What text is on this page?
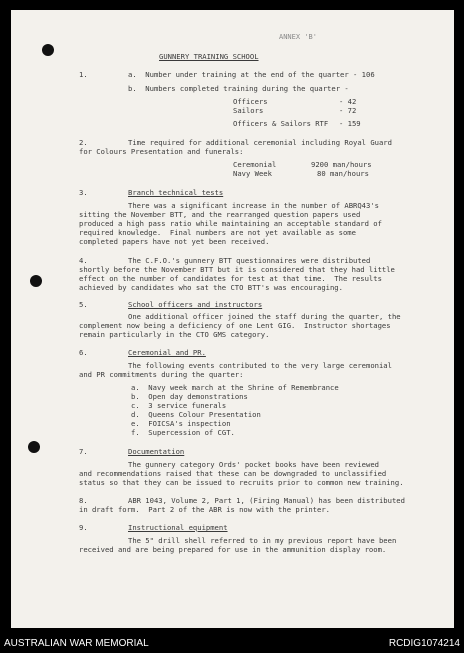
ANNEX 'B'
GUNNERY TRAINING SCHOOL
1.	a.  Number under training at the end of the quarter - 106
b.  Numbers completed training during the quarter -
Officers	- 42
Sailors	- 72
Officers & Sailors RTF - 159
2.	Time required for additional ceremonial including Royal Guard
for Colours Presentation and funerals:
Ceremonial	9200 man/hours
Navy Week	80 man/hours
3.	Branch technical tests
There was a significant increase in the number of ABRQ43's
sitting the November BTT, and the rearranged question papers used
produced a high pass ratio while maintaining an acceptable standard of
required knowledge.  Final numbers are not yet available as some
completed papers have not yet been received.
4.	The C.F.O.'s gunnery BTT questionnaires were distributed
shortly before the November BTT but it is considered that they had little
effect on the number of candidates for test at that time.  The results
achieved by candidates who sat the CTO BTT's was encouraging.
5.	School officers and instructors
One additional officer joined the staff during the quarter, the
complement now being a deficiency of one Lent GIG.  Instructor shortages
remain particularly in the CTO GMS category.
6.	Ceremonial and PR.
The following events contributed to the very large ceremonial
and PR commitments during the quarter:
a.  Navy week march at the Shrine of Remembrance
b.  Open day demonstrations
c.  3 service funerals
d.  Queens Colour Presentation
e.  FOICSA's inspection
f.  Supercession of CGT.
7.	Documentation
The gunnery category Ords' pocket books have been reviewed
and recommendations raised that these can be downgraded to unclassified
status so that they can be issued to recruits prior to common new training.
8.	ABR 1043, Volume 2, Part 1, (Firing Manual) has been distributed
in draft form.  Part 2 of the ABR is now with the printer.
9.	Instructional equipment
The 5" drill shell referred to in my previous report have been
received and are being prepared for use in the ammunition display room.
AUSTRALIAN WAR MEMORIAL	RCDIG1074214
